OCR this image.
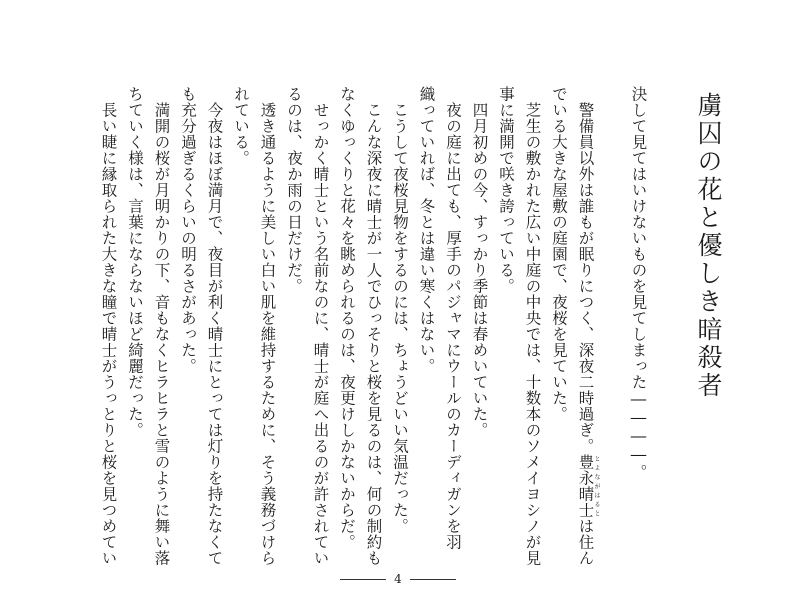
虜囚の花と優しき暗殺者
決して見てはいけないものを見てしまった――――。
　警備員以外は誰もが眠りにつく、深夜二時過ぎ。豊永晴士とよながはるとは住ん
でいる大きな屋敷の庭園で、夜桜を見ていた。
　芝生の敷かれた広い中庭の中央では、十数本のソメイヨシノが見
事に満開で咲き誇っている。
　四月初めの今、すっかり季節は春めいていた。
　夜の庭に出ても、厚手のパジャマにウールのカーディガンを羽
織っていれば、冬とは違い寒くはない。
　こうして夜桜見物をするのには、ちょうどいい気温だった。
　こんな深夜に晴士が一人でひっそりと桜を見るのは、何の制約も
なくゆっくりと花々を眺められるのは、夜更けしかないからだ。
　せっかく晴士という名前なのに、晴士が庭へ出るのが許されてい
るのは、夜か雨の日だけだ。
　透き通るように美しい白い肌を維持するために、そう義務づけら
れている。
　今夜はほぼ満月で、夜目が利く晴士にとっては灯りを持たなくて
も充分過ぎるくらいの明るさがあった。
　満開の桜が月明かりの下、音もなくヒラヒラと雪のように舞い落
ちていく様は、言葉にならないほど綺麗だった。
　長い睫に縁取られた大きな瞳で晴士がうっとりと桜を見つめてい
4
